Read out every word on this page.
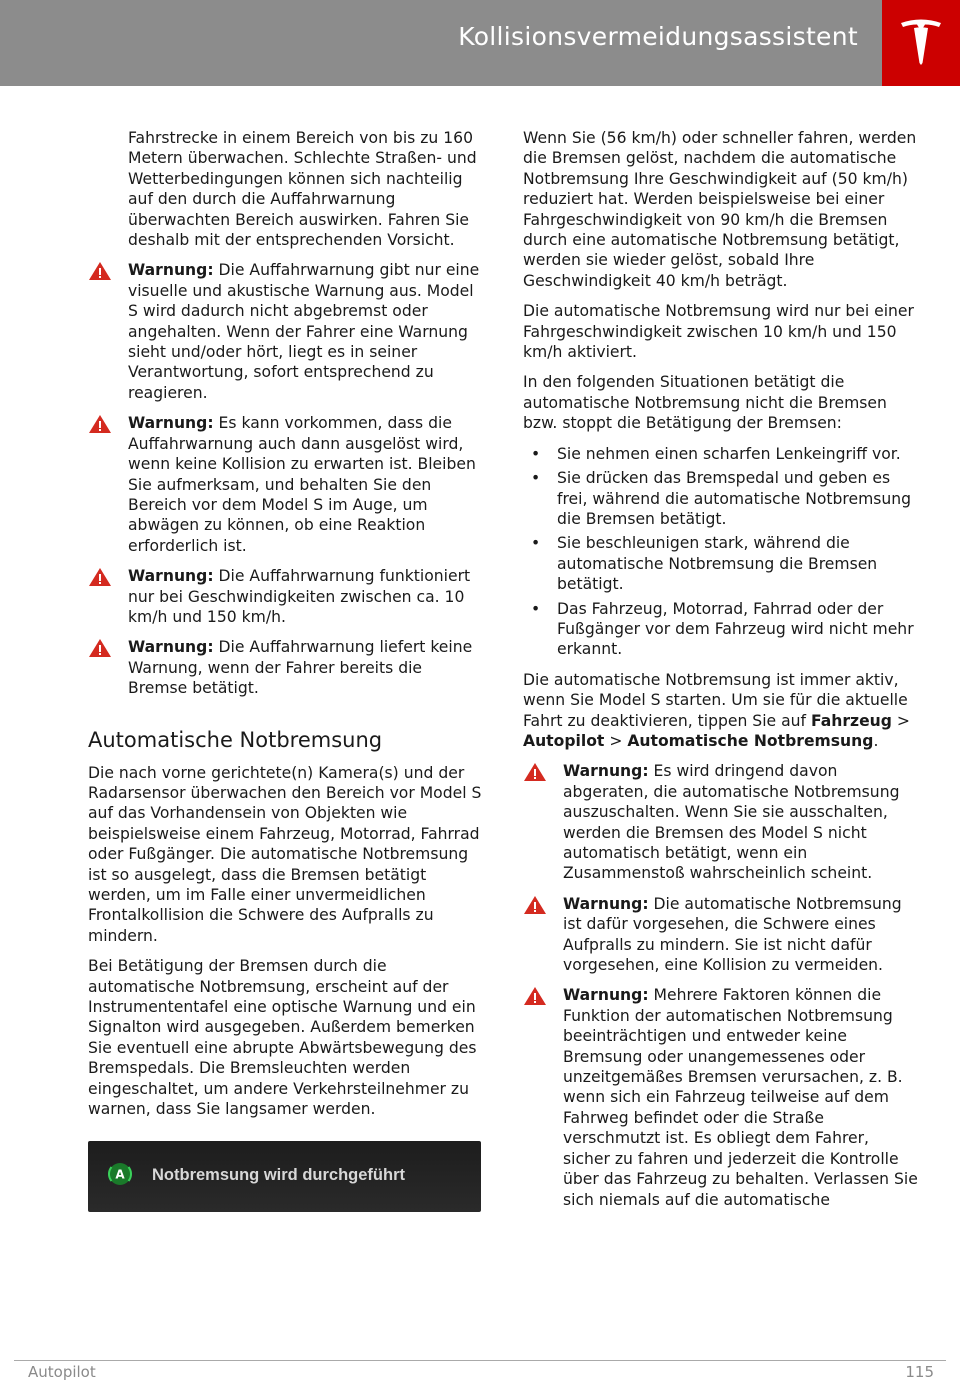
Kollisionsvermeidungsassistent

Fahrstrecke in einem Bereich von bis zu 160 Metern überwachen. Schlechte Straßen- und Wetterbedingungen können sich nachteilig auf den durch die Auffahrwarnung überwachten Bereich auswirken. Fahren Sie deshalb mit der entsprechenden Vorsicht.

Warnung: Die Auffahrwarnung gibt nur eine visuelle und akustische Warnung aus. Model S wird dadurch nicht abgebremst oder angehalten. Wenn der Fahrer eine Warnung sieht und/oder hört, liegt es in seiner Verantwortung, sofort entsprechend zu reagieren.
Warnung: Es kann vorkommen, dass die Auffahrwarnung auch dann ausgelöst wird, wenn keine Kollision zu erwarten ist. Bleiben Sie aufmerksam, und behalten Sie den Bereich vor dem Model S im Auge, um abwägen zu können, ob eine Reaktion erforderlich ist.
Warnung: Die Auffahrwarnung funktioniert nur bei Geschwindigkeiten zwischen ca. 10 km/h und 150 km/h.
Warnung: Die Auffahrwarnung liefert keine Warnung, wenn der Fahrer bereits die Bremse betätigt.
Automatische Notbremsung

Die nach vorne gerichtete(n) Kamera(s) und der Radarsensor überwachen den Bereich vor Model S auf das Vorhandensein von Objekten wie beispielsweise einem Fahrzeug, Motorrad, Fahrrad oder Fußgänger. Die automatische Notbremsung ist so ausgelegt, dass die Bremsen betätigt werden, um im Falle einer unvermeidlichen Frontalkollision die Schwere des Aufpralls zu mindern.

Bei Betätigung der Bremsen durch die automatische Notbremsung, erscheint auf der Instrumententafel eine optische Warnung und ein Signalton wird ausgegeben. Außerdem bemerken Sie eventuell eine abrupte Abwärtsbewegung des Bremspedals. Die Bremsleuchten werden eingeschaltet, um andere Verkehrsteilnehmer zu warnen, dass Sie langsamer werden.

A Notbremsung wird durchgeführt

Wenn Sie (56 km/h) oder schneller fahren, werden die Bremsen gelöst, nachdem die automatische Notbremsung Ihre Geschwindigkeit auf (50 km/h) reduziert hat. Werden beispielsweise bei einer Fahrgeschwindigkeit von 90 km/h die Bremsen durch eine automatische Notbremsung betätigt, werden sie wieder gelöst, sobald Ihre Geschwindigkeit 40 km/h beträgt.

Die automatische Notbremsung wird nur bei einer Fahrgeschwindigkeit zwischen 10 km/h und 150 km/h aktiviert.

In den folgenden Situationen betätigt die automatische Notbremsung nicht die Bremsen bzw. stoppt die Betätigung der Bremsen:

• Sie nehmen einen scharfen Lenkeingriff vor.
• Sie drücken das Bremspedal und geben es frei, während die automatische Notbremsung die Bremsen betätigt.
• Sie beschleunigen stark, während die automatische Notbremsung die Bremsen betätigt.
• Das Fahrzeug, Motorrad, Fahrrad oder der Fußgänger vor dem Fahrzeug wird nicht mehr erkannt.

Die automatische Notbremsung ist immer aktiv, wenn Sie Model S starten. Um sie für die aktuelle Fahrt zu deaktivieren, tippen Sie auf Fahrzeug > Autopilot > Automatische Notbremsung.

Warnung: Es wird dringend davon abgeraten, die automatische Notbremsung auszuschalten. Wenn Sie sie ausschalten, werden die Bremsen des Model S nicht automatisch betätigt, wenn ein Zusammenstoß wahrscheinlich scheint.
Warnung: Die automatische Notbremsung ist dafür vorgesehen, die Schwere eines Aufpralls zu mindern. Sie ist nicht dafür vorgesehen, eine Kollision zu vermeiden.
Warnung: Mehrere Faktoren können die Funktion der automatischen Notbremsung beeinträchtigen und entweder keine Bremsung oder unangemessenes oder unzeitgemäßes Bremsen verursachen, z. B. wenn sich ein Fahrzeug teilweise auf dem Fahrweg befindet oder die Straße verschmutzt ist. Es obliegt dem Fahrer, sicher zu fahren und jederzeit die Kontrolle über das Fahrzeug zu behalten. Verlassen Sie sich niemals auf die automatische
Autopilot	115
